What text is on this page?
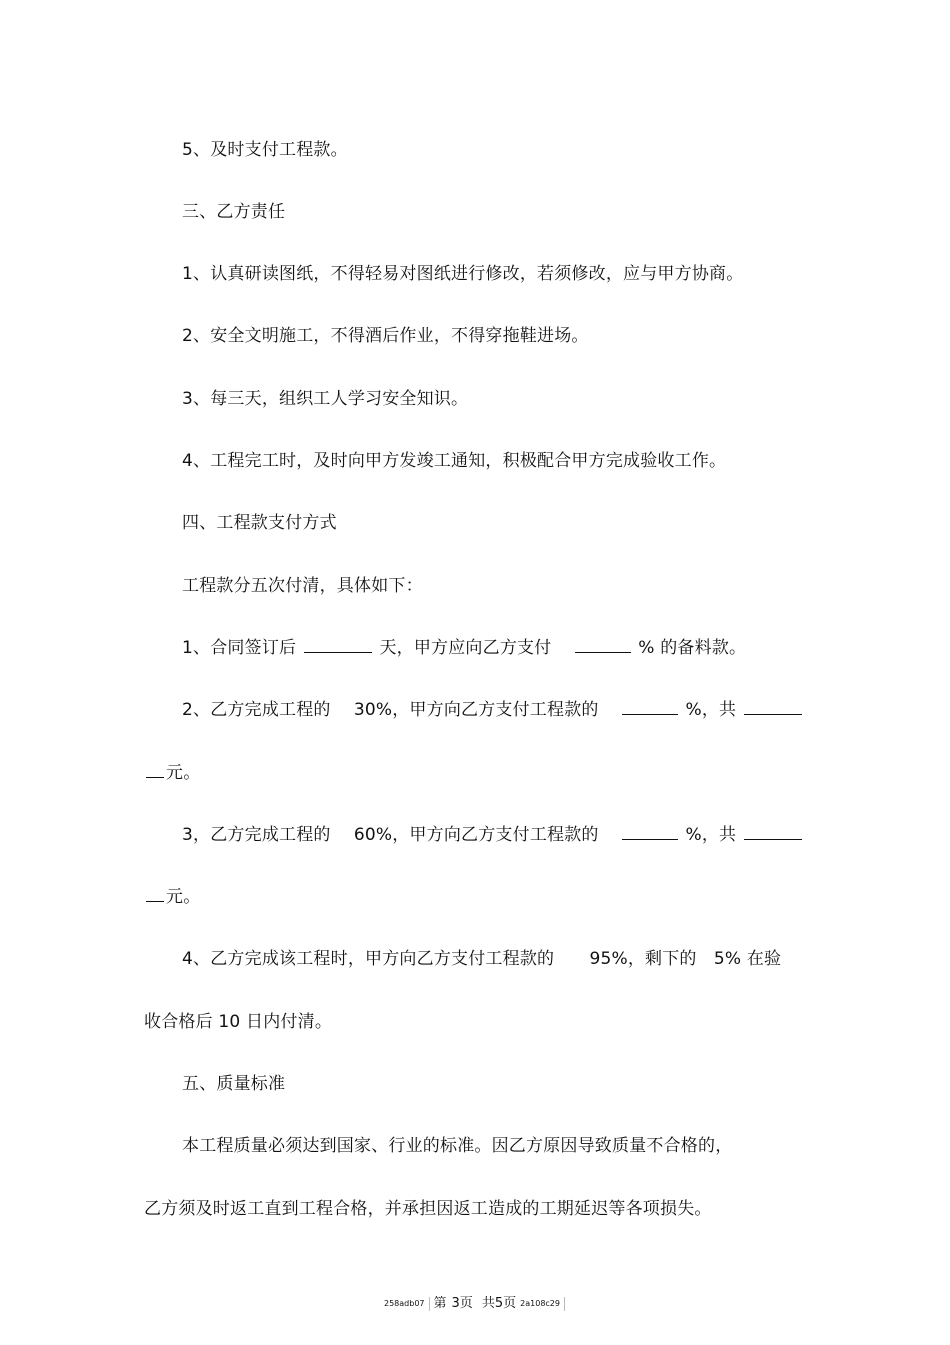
5、及时支付工程款。
三、乙方责任
1、认真研读图纸，不得轻易对图纸进行修改，若须修改，应与甲方协商。
2、安全文明施工，不得酒后作业，不得穿拖鞋进场。
3、每三天，组织工人学习安全知识。
4、工程完工时，及时向甲方发竣工通知，积极配合甲方完成验收工作。
四、工程款支付方式
工程款分五次付清，具体如下：
1、合同签订后	天，甲方应向乙方支付	% 的备料款。
2、乙方完成工程的 30%，甲方向乙方支付工程款的	%，共
元。
3，乙方完成工程的 60%，甲方向乙方支付工程款的	%，共
元。
4、乙方完成该工程时，甲方向乙方支付工程款的 95%，剩下的 5% 在验
收合格后 10 日内付清。
五、质量标准
本工程质量必须达到国家、行业的标准。因乙方原因导致质量不合格的，
乙方须及时返工直到工程合格，并承担因返工造成的工期延迟等各项损失。
258adb07 第 3 页 共 5 页 2a108c29
